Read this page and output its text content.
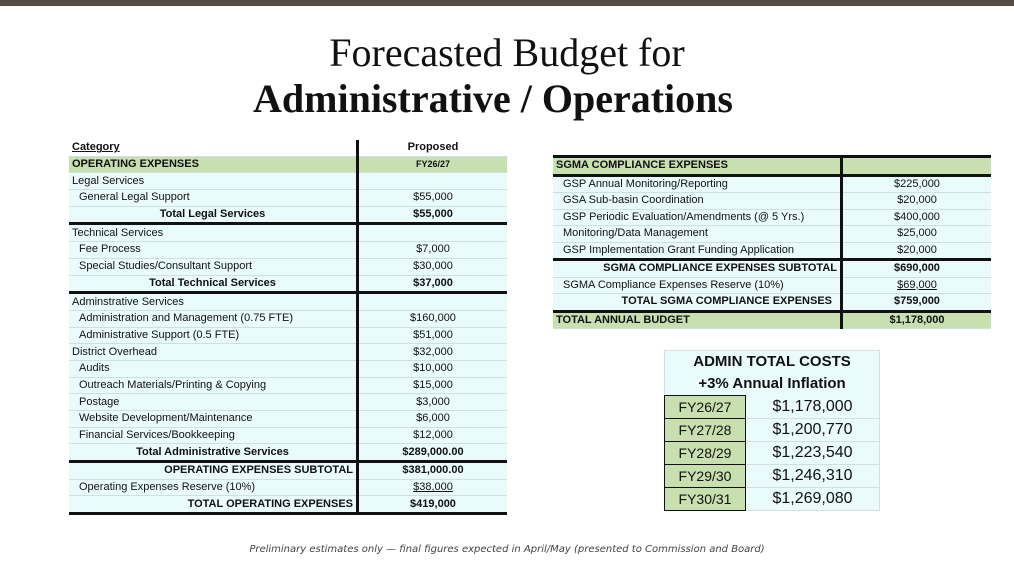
Forecasted Budget for
Administrative / Operations
Category	Proposed
OPERATING EXPENSES	FY26/27
Legal Services	
General Legal Support	$55,000
Total Legal Services	$55,000
Technical Services	
Fee Process	$7,000
Special Studies/Consultant Support	$30,000
Total Technical Services	$37,000
Adminstrative Services	
Administration and Management (0.75 FTE)	$160,000
Administrative Support (0.5 FTE)	$51,000
District Overhead	$32,000
Audits	$10,000
Outreach Materials/Printing & Copying	$15,000
Postage	$3,000
Website Development/Maintenance	$6,000
Financial Services/Bookkeeping	$12,000
Total Administrative Services	$289,000.00
OPERATING EXPENSES SUBTOTAL	$381,000.00
Operating Expenses Reserve (10%)	$38,000
TOTAL OPERATING EXPENSES	$419,000
SGMA COMPLIANCE EXPENSES	
GSP Annual Monitoring/Reporting	$225,000
GSA Sub-basin Coordination	$20,000
GSP Periodic Evaluation/Amendments (@ 5 Yrs.)	$400,000
Monitoring/Data Management	$25,000
GSP Implementation Grant Funding Application	$20,000
SGMA COMPLIANCE EXPENSES SUBTOTAL	$690,000
SGMA Compliance Expenses Reserve (10%)	$69,000
TOTAL SGMA COMPLIANCE EXPENSES	$759,000
TOTAL ANNUAL BUDGET	$1,178,000
ADMIN TOTAL COSTS	
+3% Annual Inflation	
FY26/27	$1,178,000
FY27/28	$1,200,770
FY28/29	$1,223,540
FY29/30	$1,246,310
FY30/31	$1,269,080
Preliminary estimates only — final figures expected in April/May (presented to Commission and Board)
